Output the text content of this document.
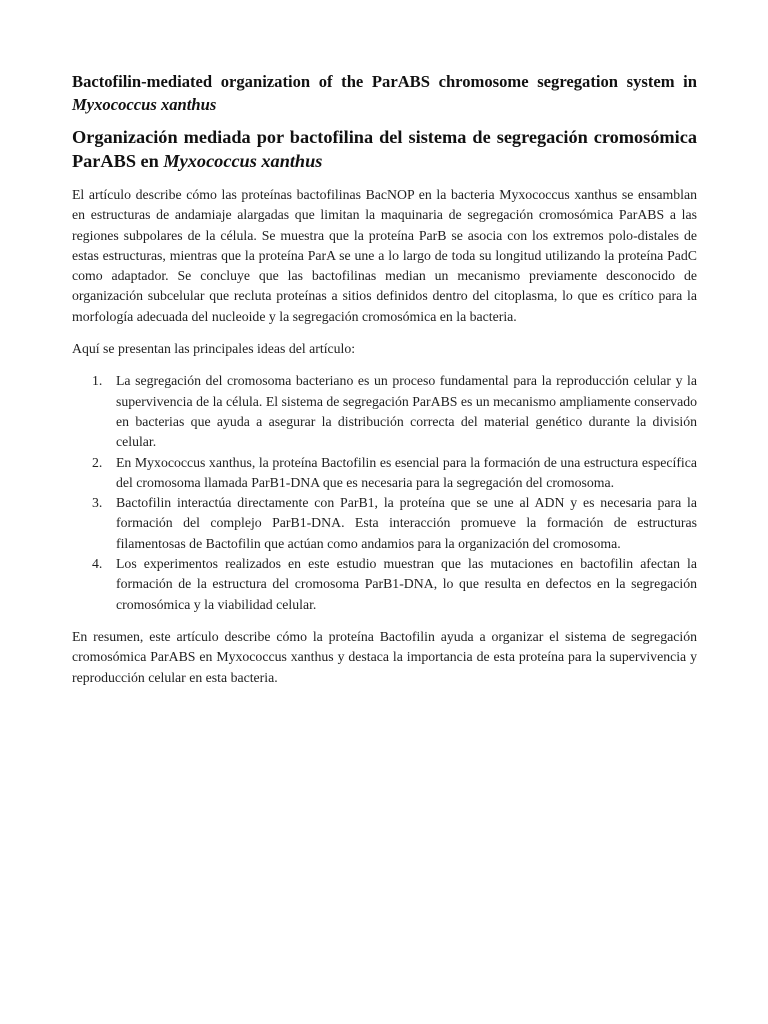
Bactofilin-mediated organization of the ParABS chromosome segregation system in Myxococcus xanthus
Organización mediada por bactofilina del sistema de segregación cromosómica ParABS en Myxococcus xanthus

El artículo describe cómo las proteínas bactofilinas BacNOP en la bacteria Myxococcus xanthus se ensamblan en estructuras de andamiaje alargadas que limitan la maquinaria de segregación cromosómica ParABS a las regiones subpolares de la célula. Se muestra que la proteína ParB se asocia con los extremos polo-distales de estas estructuras, mientras que la proteína ParA se une a lo largo de toda su longitud utilizando la proteína PadC como adaptador. Se concluye que las bactofilinas median un mecanismo previamente desconocido de organización subcelular que recluta proteínas a sitios definidos dentro del citoplasma, lo que es crítico para la morfología adecuada del nucleoide y la segregación cromosómica en la bacteria.

Aquí se presentan las principales ideas del artículo:

1. La segregación del cromosoma bacteriano es un proceso fundamental para la reproducción celular y la supervivencia de la célula. El sistema de segregación ParABS es un mecanismo ampliamente conservado en bacterias que ayuda a asegurar la distribución correcta del material genético durante la división celular.
2. En Myxococcus xanthus, la proteína Bactofilin es esencial para la formación de una estructura específica del cromosoma llamada ParB1-DNA que es necesaria para la segregación del cromosoma.
3. Bactofilin interactúa directamente con ParB1, la proteína que se une al ADN y es necesaria para la formación del complejo ParB1-DNA. Esta interacción promueve la formación de estructuras filamentosas de Bactofilin que actúan como andamios para la organización del cromosoma.
4. Los experimentos realizados en este estudio muestran que las mutaciones en bactofilin afectan la formación de la estructura del cromosoma ParB1-DNA, lo que resulta en defectos en la segregación cromosómica y la viabilidad celular.

En resumen, este artículo describe cómo la proteína Bactofilin ayuda a organizar el sistema de segregación cromosómica ParABS en Myxococcus xanthus y destaca la importancia de esta proteína para la supervivencia y reproducción celular en esta bacteria.
